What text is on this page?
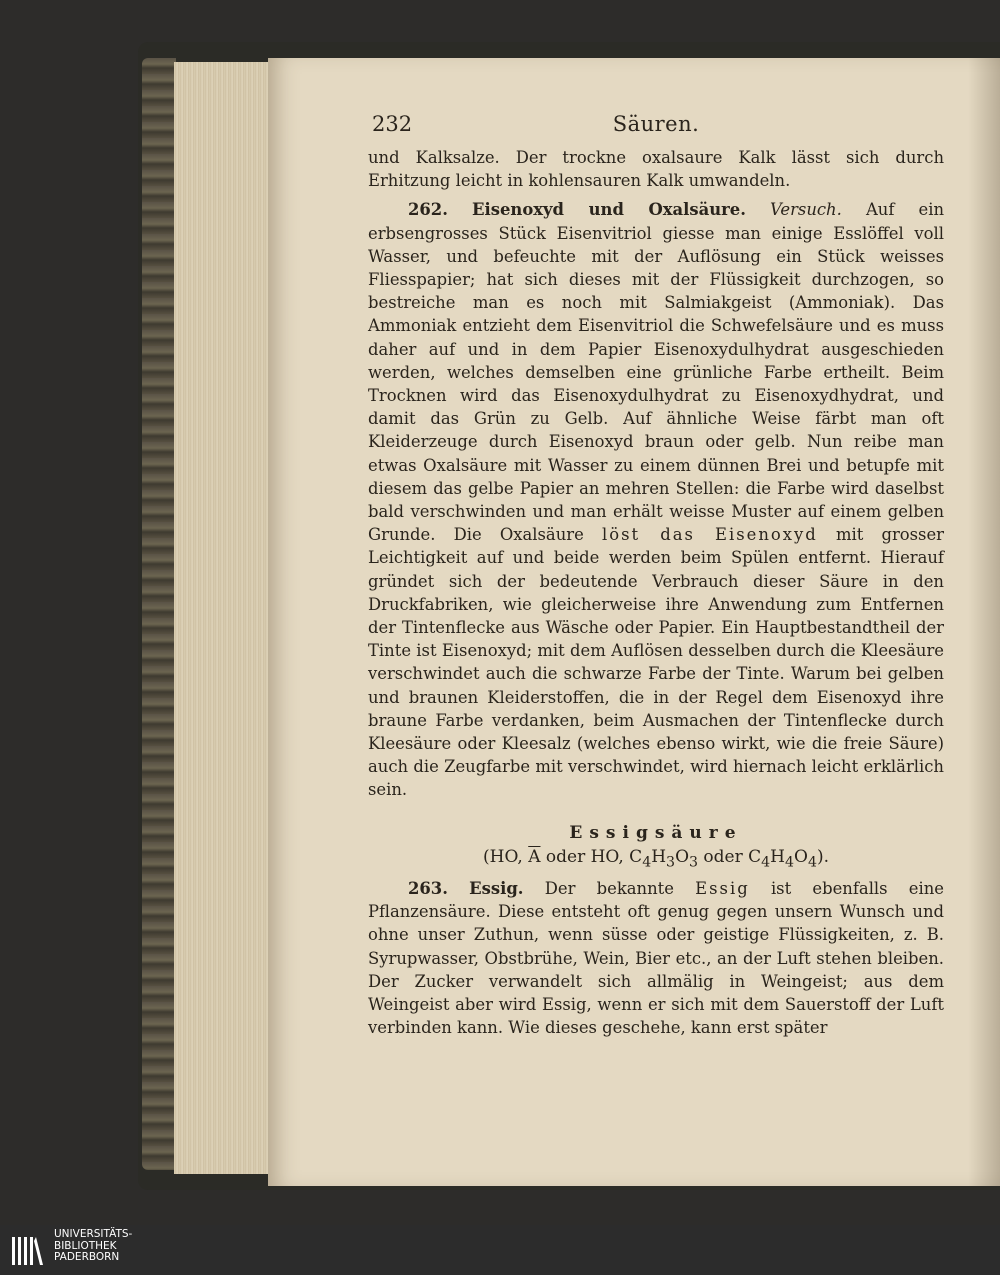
232	Säuren.

und Kalksalze. Der trockne oxalsaure Kalk lässt sich durch Erhitzung leicht in kohlensauren Kalk umwandeln.

262. Eisenoxyd und Oxalsäure. Versuch. Auf ein erbsengrosses Stück Eisenvitriol giesse man einige Esslöffel voll Wasser, und befeuchte mit der Auflösung ein Stück weisses Fliesspapier; hat sich dieses mit der Flüssigkeit durchzogen, so bestreiche man es noch mit Salmiakgeist (Ammoniak). Das Ammoniak entzieht dem Eisenvitriol die Schwefelsäure und es muss daher auf und in dem Papier Eisenoxydulhydrat ausgeschieden werden, welches demselben eine grünliche Farbe ertheilt. Beim Trocknen wird das Eisenoxydulhydrat zu Eisenoxydhydrat, und damit das Grün zu Gelb. Auf ähnliche Weise färbt man oft Kleiderzeuge durch Eisenoxyd braun oder gelb. Nun reibe man etwas Oxalsäure mit Wasser zu einem dünnen Brei und betupfe mit diesem das gelbe Papier an mehren Stellen: die Farbe wird daselbst bald verschwinden und man erhält weisse Muster auf einem gelben Grunde. Die Oxalsäure löst das Eisenoxyd mit grosser Leichtigkeit auf und beide werden beim Spülen entfernt. Hierauf gründet sich der bedeutende Verbrauch dieser Säure in den Druckfabriken, wie gleicherweise ihre Anwendung zum Entfernen der Tintenflecke aus Wäsche oder Papier. Ein Hauptbestandtheil der Tinte ist Eisenoxyd; mit dem Auflösen desselben durch die Kleesäure verschwindet auch die schwarze Farbe der Tinte. Warum bei gelben und braunen Kleiderstoffen, die in der Regel dem Eisenoxyd ihre braune Farbe verdanken, beim Ausmachen der Tintenflecke durch Kleesäure oder Kleesalz (welches ebenso wirkt, wie die freie Säure) auch die Zeugfarbe mit verschwindet, wird hiernach leicht erklärlich sein.

Essigsäure
(HO, $\overline{A}$ oder HO, $C_4H_3O_3$ oder $C_4H_4O_4$).

263. Essig. Der bekannte Essig ist ebenfalls eine Pflanzensäure. Diese entsteht oft genug gegen unsern Wunsch und ohne unser Zuthun, wenn süsse oder geistige Flüssigkeiten, z. B. Syrupwasser, Obstbrühe, Wein, Bier etc., an der Luft stehen bleiben. Der Zucker verwandelt sich allmälig in Weingeist; aus dem Weingeist aber wird Essig, wenn er sich mit dem Sauerstoff der Luft verbinden kann. Wie dieses geschehe, kann erst später

UNIVERSITÄTS-
BIBLIOTHEK
PADERBORN
